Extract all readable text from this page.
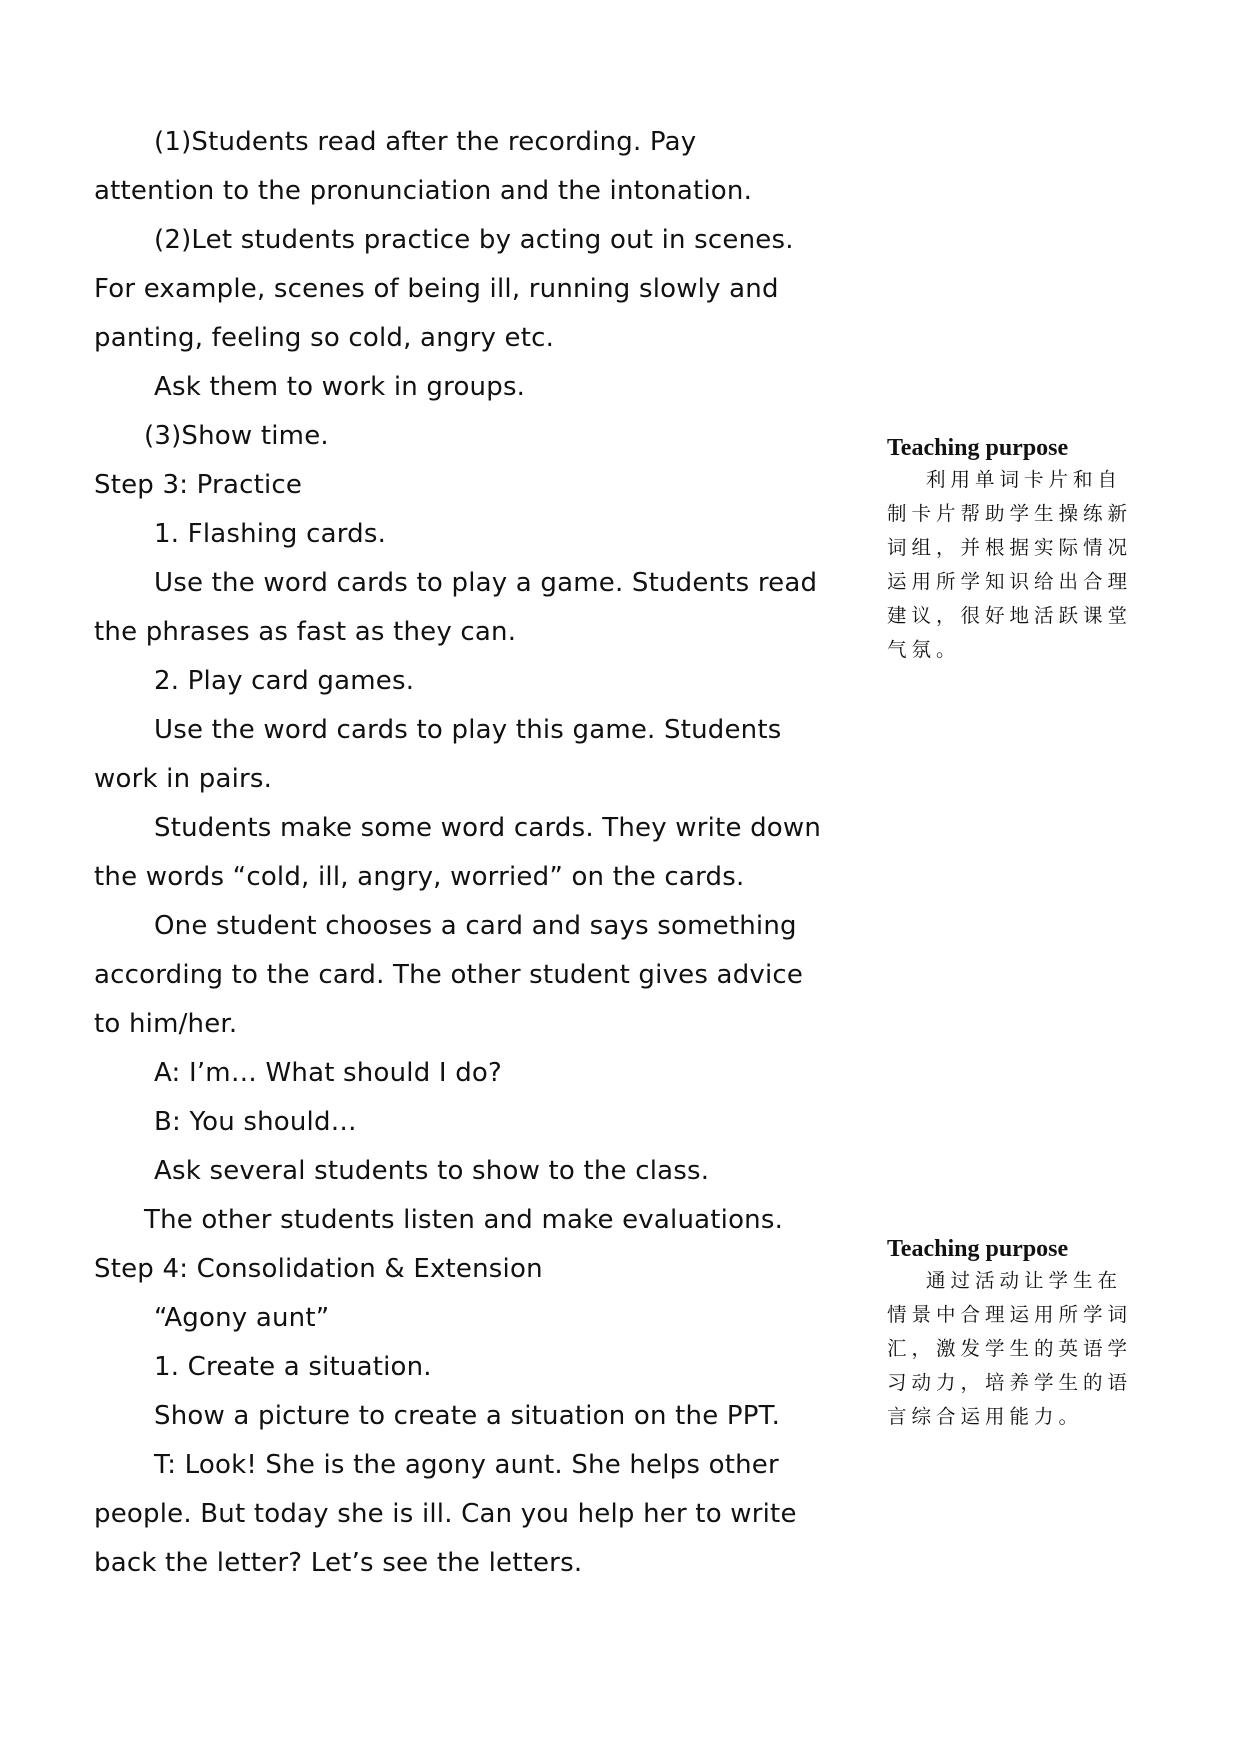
(1)Students read after the recording. Pay

attention to the pronunciation and the intonation.

(2)Let students practice by acting out in scenes.

For example, scenes of being ill, running slowly and

panting, feeling so cold, angry etc.

Ask them to work in groups.

(3)Show time.

Step 3: Practice

1. Flashing cards.

Use the word cards to play a game. Students read

the phrases as fast as they can.

2. Play card games.

Use the word cards to play this game. Students

work in pairs.

Students make some word cards. They write down

the words “cold, ill, angry, worried” on the cards.

One student chooses a card and says something

according to the card. The other student gives advice

to him/her.

A: I’m… What should I do?

B: You should…

Ask several students to show to the class.

The other students listen and make evaluations.

Step 4: Consolidation & Extension

“Agony aunt”

1. Create a situation.

Show a picture to create a situation on the PPT.

T: Look! She is the agony aunt. She helps other

people. But today she is ill. Can you help her to write

back the letter? Let’s see the letters.

Teaching purpose
利用单词卡片和自制卡片帮助学生操练新词组，并根据实际情况运用所学知识给出合理建议，很好地活跃课堂气氛。
Teaching purpose
通过活动让学生在情景中合理运用所学词汇，激发学生的英语学习动力，培养学生的语言综合运用能力。
